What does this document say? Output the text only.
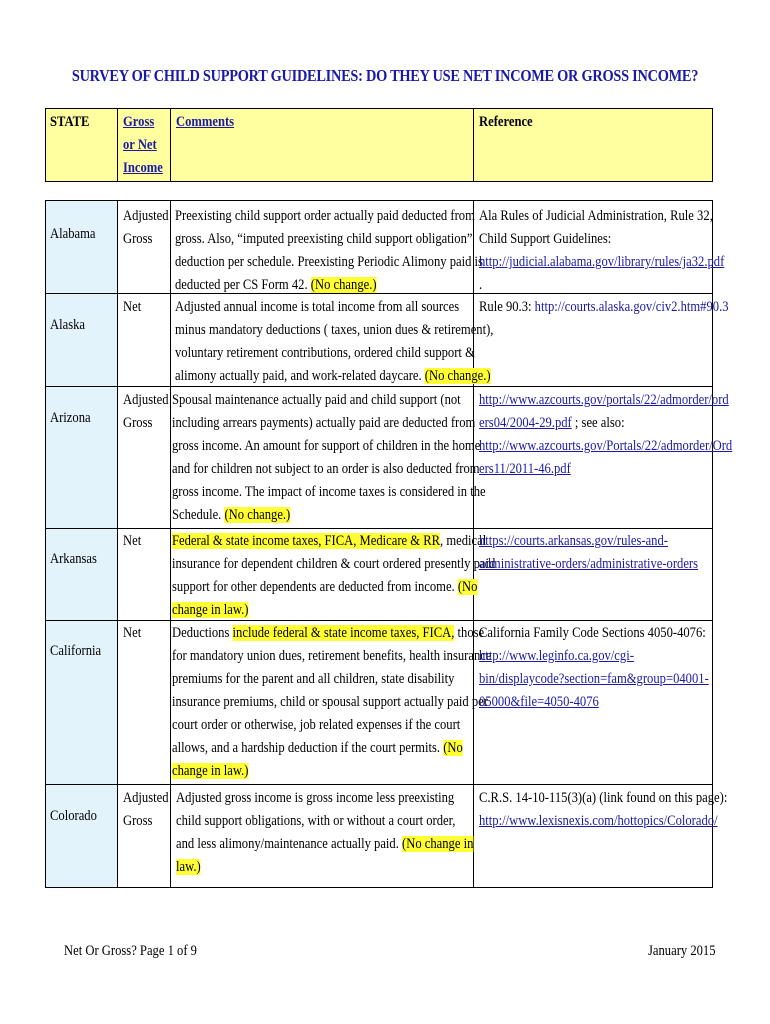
SURVEY OF CHILD SUPPORT GUIDELINES: DO THEY USE NET INCOME OR GROSS INCOME?
STATE Gross
or Net
Income
Comments	Reference
Alabama
Adjusted
Gross
Preexisting child support order actually paid deducted from
gross. Also, “imputed preexisting child support obligation”
deduction per schedule. Preexisting Periodic Alimony paid is
deducted per CS Form 42. (No change.)
Ala Rules of Judicial Administration, Rule 32,
Child Support Guidelines:
http://judicial.alabama.gov/library/rules/ja32.pdf
.
Alaska
Net Adjusted annual income is total income from all sources
minus mandatory deductions ( taxes, union dues & retirement),
voluntary retirement contributions, ordered child support &
alimony actually paid, and work-related daycare. (No change.)
Rule 90.3: http://courts.alaska.gov/civ2.htm#90.3
Arizona
Adjusted
Gross
Spousal maintenance actually paid and child support (not
including arrears payments) actually paid are deducted from
gross income. An amount for support of children in the home
and for children not subject to an order is also deducted from
gross income. The impact of income taxes is considered in the
Schedule. (No change.)
http://www.azcourts.gov/portals/22/admorder/ord
ers04/2004-29.pdf ; see also:
http://www.azcourts.gov/Portals/22/admorder/Ord
ers11/2011-46.pdf
Arkansas
Net Federal & state income taxes, FICA, Medicare & RR, medical
insurance for dependent children & court ordered presently paid
support for other dependents are deducted from income. (No
change in law.)
https://courts.arkansas.gov/rules-and-
administrative-orders/administrative-orders
California
Net Deductions include federal & state income taxes, FICA, those
for mandatory union dues, retirement benefits, health insurance
premiums for the parent and all children, state disability
insurance premiums, child or spousal support actually paid per
court order or otherwise, job related expenses if the court
allows, and a hardship deduction if the court permits. (No
change in law.)
California Family Code Sections 4050-4076:
http://www.leginfo.ca.gov/cgi-
bin/displaycode?section=fam&group=04001-
05000&file=4050-4076
Colorado
Adjusted
Gross
Adjusted gross income is gross income less preexisting
child support obligations, with or without a court order,
and less alimony/maintenance actually paid. (No change in
law.)
C.R.S. 14-10-115(3)(a) (link found on this page):
http://www.lexisnexis.com/hottopics/Colorado/
Net Or Gross? Page 1 of 9	January 2015
